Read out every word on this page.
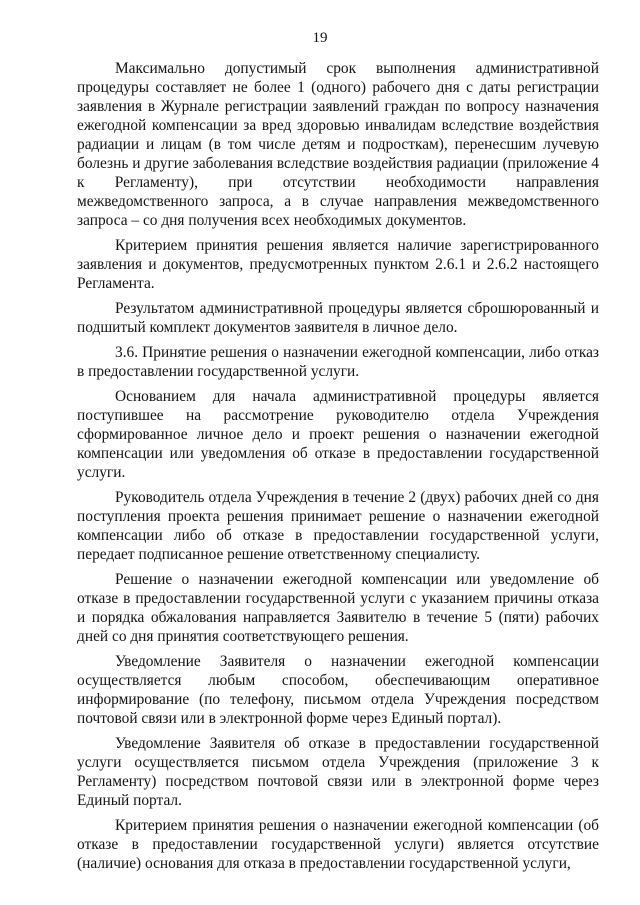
19

Максимально допустимый срок выполнения административной процедуры составляет не более 1 (одного) рабочего дня с даты регистрации заявления в Журнале регистрации заявлений граждан по вопросу назначения ежегодной компенсации за вред здоровью инвалидам вследствие воздействия радиации и лицам (в том числе детям и подросткам), перенесшим лучевую болезнь и другие заболевания вследствие воздействия радиации (приложение 4 к Регламенту), при отсутствии необходимости направления межведомственного запроса, а в случае направления межведомственного запроса – со дня получения всех необходимых документов.

Критерием принятия решения является наличие зарегистрированного заявления и документов, предусмотренных пунктом 2.6.1 и 2.6.2 настоящего Регламента.

Результатом административной процедуры является сброшюрованный и подшитый комплект документов заявителя в личное дело.

3.6. Принятие решения о назначении ежегодной компенсации, либо отказ в предоставлении государственной услуги.

Основанием для начала административной процедуры является поступившее на рассмотрение руководителю отдела Учреждения сформированное личное дело и проект решения о назначении ежегодной компенсации или уведомления об отказе в предоставлении государственной услуги.

Руководитель отдела Учреждения в течение 2 (двух) рабочих дней со дня поступления проекта решения принимает решение о назначении ежегодной компенсации либо об отказе в предоставлении государственной услуги, передает подписанное решение ответственному специалисту.

Решение о назначении ежегодной компенсации или уведомление об отказе в предоставлении государственной услуги с указанием причины отказа и порядка обжалования направляется Заявителю в течение 5 (пяти) рабочих дней со дня принятия соответствующего решения.

Уведомление Заявителя о назначении ежегодной компенсации осуществляется любым способом, обеспечивающим оперативное информирование (по телефону, письмом отдела Учреждения посредством почтовой связи или в электронной форме через Единый портал).

Уведомление Заявителя об отказе в предоставлении государственной услуги осуществляется письмом отдела Учреждения (приложение 3 к Регламенту) посредством почтовой связи или в электронной форме через Единый портал.

Критерием принятия решения о назначении ежегодной компенсации (об отказе в предоставлении государственной услуги) является отсутствие (наличие) основания для отказа в предоставлении государственной услуги,
